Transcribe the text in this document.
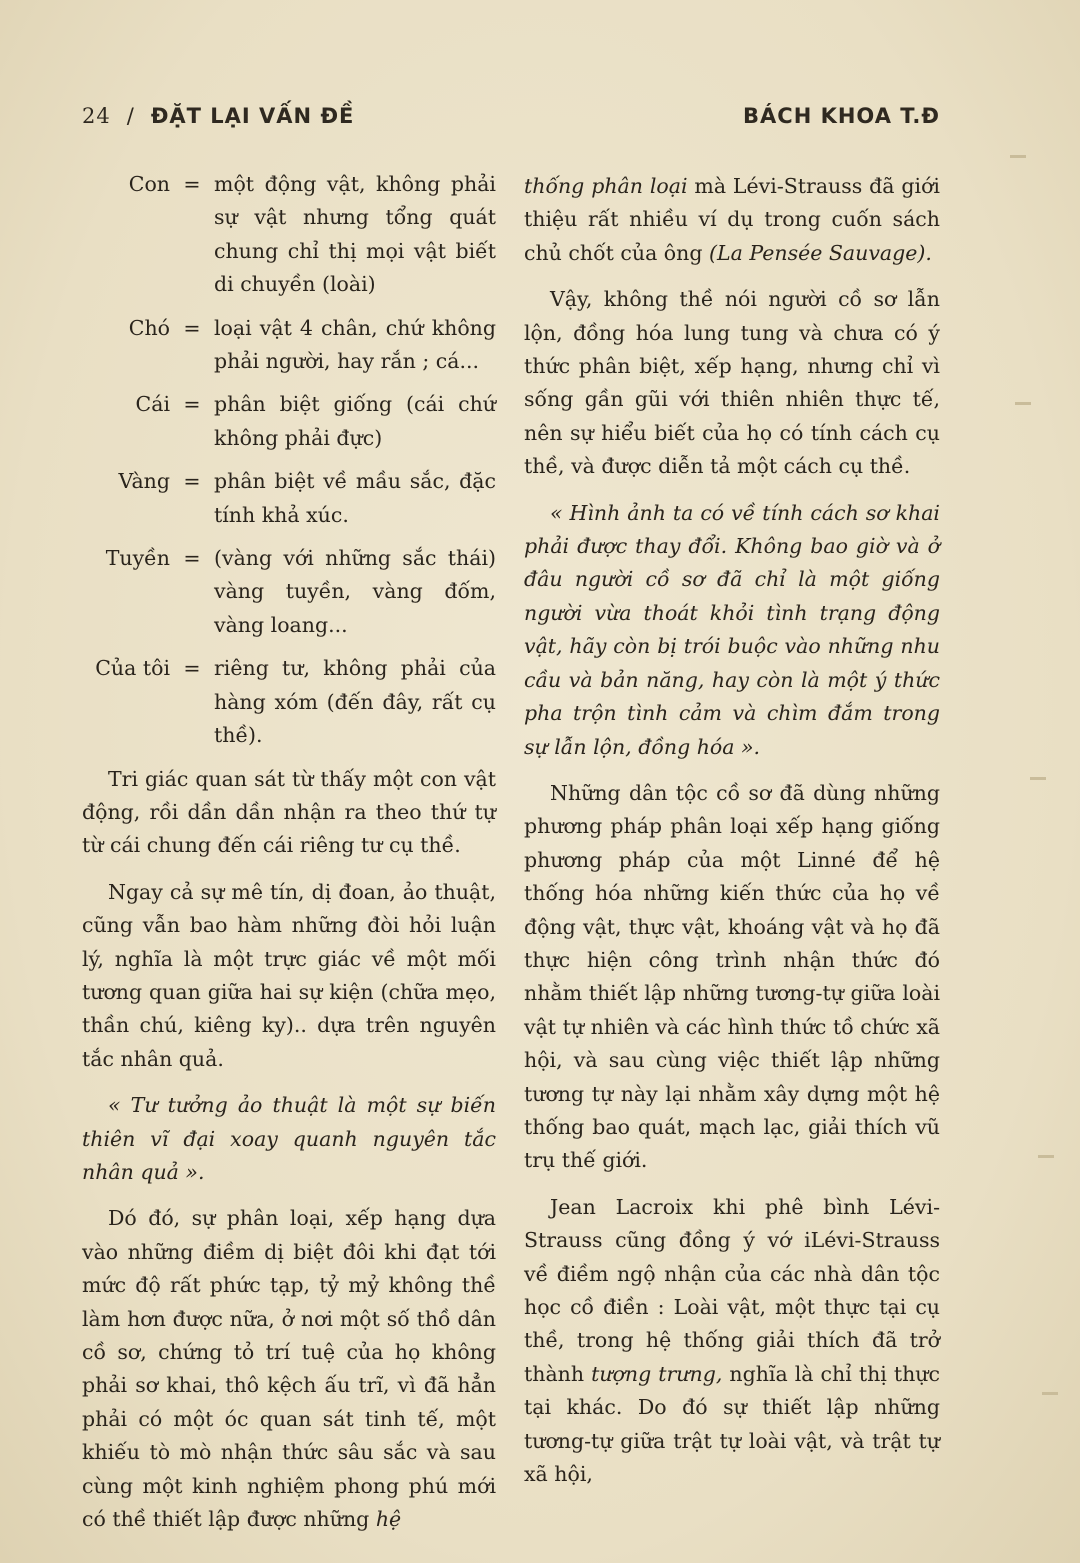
24 / ĐẶT LẠI VẤN ĐỀ	BÁCH KHOA T.Đ
Con = một động vật, không phải sự vật nhưng tổng quát chung chỉ thị mọi vật biết di chuyền (loài)
Chó = loại vật 4 chân, chứ không phải người, hay rắn ; cá...
Cái = phân biệt giống (cái chứ không phải đực)
Vàng = phân biệt về mầu sắc, đặc tính khả xúc.
Tuyền = (vàng với những sắc thái) vàng tuyền, vàng đốm, vàng loang...
Của tôi = riêng tư, không phải của hàng xóm (đến đây, rất cụ thề).

Tri giác quan sát từ thấy một con vật động, rồi dần dần nhận ra theo thứ tự từ cái chung đến cái riêng tư cụ thề.

Ngay cả sự mê tín, dị đoan, ảo thuật, cũng vẫn bao hàm những đòi hỏi luận lý, nghĩa là một trực giác về một mối tương quan giữa hai sự kiện (chữa mẹo, thần chú, kiêng ky).. dựa trên nguyên tắc nhân quả.

« Tư tưởng ảo thuật là một sự biến thiên vĩ đại xoay quanh nguyên tắc nhân quả ».

Dó đó, sự phân loại, xếp hạng dựa vào những điềm dị biệt đôi khi đạt tới mức độ rất phức tạp, tỷ mỷ không thề làm hơn được nữa, ở nơi một số thồ dân cồ sơ, chứng tỏ trí tuệ của họ không phải sơ khai, thô kệch ấu trĩ, vì đã hẳn phải có một óc quan sát tinh tế, một khiếu tò mò nhận thức sâu sắc và sau cùng một kinh nghiệm phong phú mới có thề thiết lập được những hệ

thống phân loại mà Lévi-Strauss đã giới thiệu rất nhiều ví dụ trong cuốn sách chủ chốt của ông (La Pensée Sauvage).

Vậy, không thề nói người cồ sơ lẫn lộn, đồng hóa lung tung và chưa có ý thức phân biệt, xếp hạng, nhưng chỉ vì sống gần gũi với thiên nhiên thực tế, nên sự hiểu biết của họ có tính cách cụ thề, và được diễn tả một cách cụ thề.

« Hình ảnh ta có về tính cách sơ khai phải được thay đổi. Không bao giờ và ở đâu người cồ sơ đã chỉ là một giống người vừa thoát khỏi tình trạng động vật, hãy còn bị trói buộc vào những nhu cầu và bản năng, hay còn là một ý thức pha trộn tình cảm và chìm đắm trong sự lẫn lộn, đồng hóa ».

Những dân tộc cồ sơ đã dùng những phương pháp phân loại xếp hạng giống phương pháp của một Linné để hệ thống hóa những kiến thức của họ về động vật, thực vật, khoáng vật và họ đã thực hiện công trình nhận thức đó nhằm thiết lập những tương-tự giữa loài vật tự nhiên và các hình thức tồ chức xã hội, và sau cùng việc thiết lập những tương tự này lại nhằm xây dựng một hệ thống bao quát, mạch lạc, giải thích vũ trụ thế giới.

Jean Lacroix khi phê bình Lévi-Strauss cũng đồng ý vớ iLévi-Strauss về điềm ngộ nhận của các nhà dân tộc học cồ điền : Loài vật, một thực tại cụ thề, trong hệ thống giải thích đã trở thành tượng trưng, nghĩa là chỉ thị thực tại khác. Do đó sự thiết lập những tương-tự giữa trật tự loài vật, và trật tự xã hội,
